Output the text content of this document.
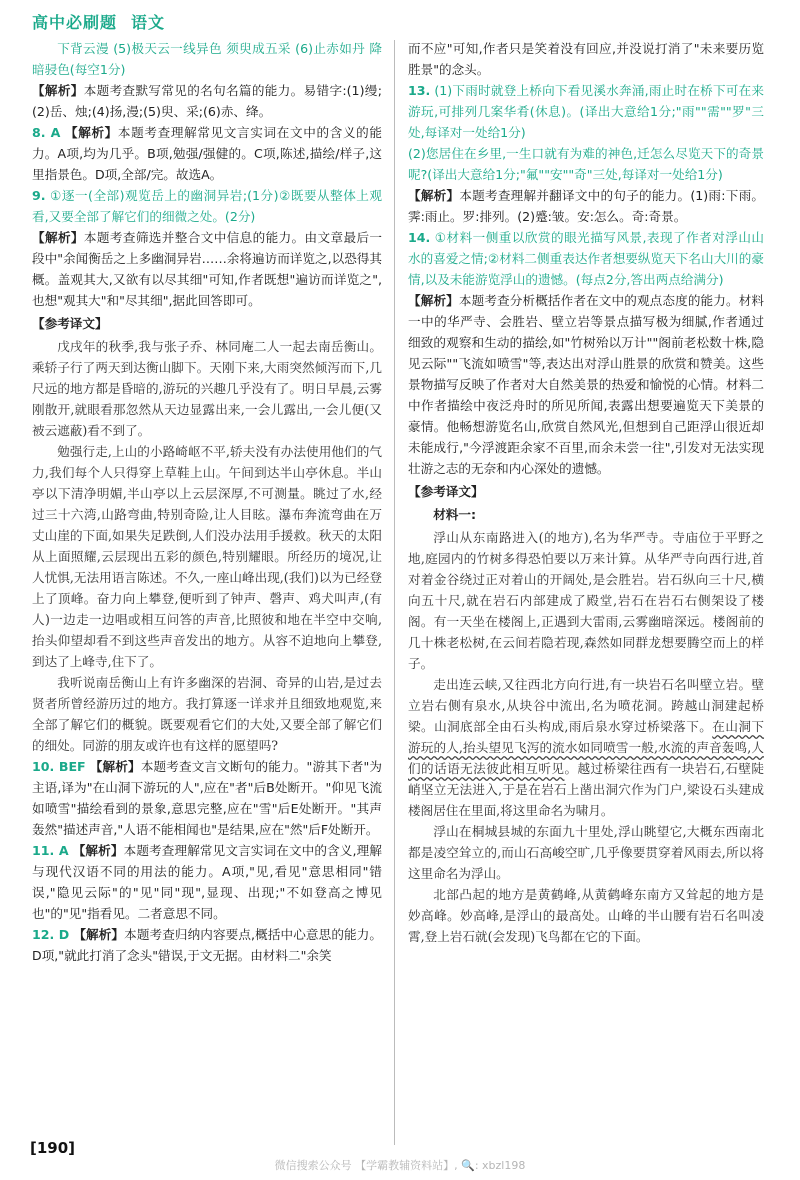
高中必刷题 语文

下背云漫 (5)极天云一线异色 须臾成五采 (6)止赤如丹 降暗骎色(每空1分)

【解析】本题考查默写常见的名句名篇的能力。易错字:(1)缦;(2)岳、烛;(4)扬,漫;(5)臾、采;(6)赤、绛。

8. A 【解析】本题考查理解常见文言实词在文中的含义的能力。A项,均为几乎。B项,勉强/强健的。C项,陈述,描绘/样子,这里指景色。D项,全部/完。故选A。

9. ①逐一(全部)观览岳上的幽洞异岩;(1分)②既要从整体上观看,又要全部了解它们的细微之处。(2分)

【解析】本题考查筛选并整合文中信息的能力。由文章最后一段中"余闻衡岳之上多幽洞异岩……余将遍访而详览之,以恐得其概。盖观其大,又欲有以尽其细"可知,作者既想"遍访而详览之",也想"观其大"和"尽其细",据此回答即可。

【参考译文】

戊戌年的秋季,我与张子乔、林同庵二人一起去南岳衡山。乘轿子行了两天到达衡山脚下。天刚下来,大雨突然倾泻而下,几尺远的地方都是昏暗的,游玩的兴趣几乎没有了。明日早晨,云雾刚散开,就眼看那忽然从天边显露出来,一会儿露出,一会儿便(又被云遮蔽)看不到了。

勉强行走,上山的小路崎岖不平,轿夫没有办法使用他们的气力,我们每个人只得穿上草鞋上山。午间到达半山亭休息。半山亭以下清净明媚,半山亭以上云层深厚,不可测量。眺过了水,经过三十六湾,山路弯曲,特别奇险,让人目眩。瀑布奔流弯曲在万丈山崖的下面,如果失足跌倒,人们没办法用手援救。秋天的太阳从上面照耀,云层现出五彩的颜色,特别耀眼。所经历的境况,让人忧惧,无法用语言陈述。不久,一座山峰出现,(我们)以为已经登上了顶峰。奋力向上攀登,便听到了钟声、磬声、鸡犬叫声,(有人)一边走一边唱或相互问答的声音,比照彼和地在半空中交响,抬头仰望却看不到这些声音发出的地方。从容不迫地向上攀登,到达了上峰寺,住下了。

我听说南岳衡山上有许多幽深的岩洞、奇异的山岩,是过去贤者所曾经游历过的地方。我打算逐一详求并且细致地观览,来全部了解它们的概貌。既要观看它们的大处,又要全部了解它们的细处。同游的朋友或许也有这样的愿望吗?

10. BEF 【解析】本题考查文言文断句的能力。"游其下者"为主语,译为"在山洞下游玩的人",应在"者"后B处断开。"仰见飞流如喷雪"描绘看到的景象,意思完整,应在"雪"后E处断开。"其声轰然"描述声音,"人语不能相闻也"是结果,应在"然"后F处断开。

11. A 【解析】本题考查理解常见文言实词在文中的含义,理解与现代汉语不同的用法的能力。A项,"见,看见"意思相同"错误,"隐见云际"的"见"同"现",显现、出现;"不如登高之博见也"的"见"指看见。二者意思不同。

12. D 【解析】本题考查归纳内容要点,概括中心意思的能力。D项,"就此打消了念头"错误,于文无据。由材料二"余笑

而不应"可知,作者只是笑着没有回应,并没说打消了"未来要历览胜景"的念头。

13. (1)下雨时就登上桥向下看见溪水奔涌,雨止时在桥下可在来游玩,可排列几案华肴(休息)。(译出大意给1分;"雨""需""罗"三处,每译对一处给1分)

(2)您居住在乡里,一生口就有为难的神色,迁怎么尽览天下的奇景呢?(译出大意给1分;"氟""安""奇"三处,每译对一处给1分)

【解析】本题考查理解并翻译文中的句子的能力。(1)雨:下雨。霁:雨止。罗:排列。(2)蹙:皱。安:怎么。奇:奇景。

14. ①材料一侧重以欣赏的眼光描写风景,表现了作者对浮山山水的喜爱之情;②材料二侧重表达作者想要纵览天下名山大川的豪情,以及未能游览浮山的遗憾。(每点2分,答出两点给满分)

【解析】本题考查分析概括作者在文中的观点态度的能力。材料一中的华严寺、会胜岩、壁立岩等景点描写极为细腻,作者通过细致的观察和生动的描绘,如"竹树殆以万计""阁前老松数十株,隐见云际""飞流如喷雪"等,表达出对浮山胜景的欣赏和赞美。这些景物描写反映了作者对大自然美景的热爱和愉悦的心情。材料二中作者描绘中夜泛舟时的所见所闻,表露出想要遍览天下美景的豪情。他畅想游览名山,欣赏自然风光,但想到自己距浮山很近却未能成行,"今浮渡距余家不百里,而余未尝一往",引发对无法实现壮游之志的无奈和内心深处的遗憾。

【参考译文】

材料一:

浮山从东南路进入(的地方),名为华严寺。寺庙位于平野之地,庭园内的竹树多得恐怕要以万来计算。从华严寺向西行进,首对着金谷绕过正对着山的开阔处,是会胜岩。岩石纵向三十尺,横向五十尺,就在岩石内部建成了殿堂,岩石在岩石右侧架设了楼阁。有一天坐在楼阁上,正遇到大雷雨,云雾幽暗深远。楼阁前的几十株老松树,在云间若隐若现,森然如同群龙想要腾空而上的样子。

走出连云峡,又往西北方向行进,有一块岩石名叫壁立岩。壁立岩右侧有泉水,从块谷中流出,名为喷花洞。跨越山洞建起桥梁。山洞底部全由石头构成,雨后泉水穿过桥梁落下。在山洞下游玩的人,抬头望见飞泻的流水如同喷雪一般,水流的声音轰鸣,人们的话语无法彼此相互听见。越过桥梁往西有一块岩石,石壁陡峭坚立无法进入,于是在岩石上凿出洞穴作为门户,梁设石头建成楼阁居住在里面,将这里命名为啸月。

浮山在桐城县城的东面九十里处,浮山眺望它,大概东西南北都是凌空耸立的,而山石高峻空旷,几乎像要贯穿着风雨去,所以将这里命名为浮山。

北部凸起的地方是黄鹤峰,从黄鹤峰东南方又耸起的地方是妙高峰。妙高峰,是浮山的最高处。山峰的半山腰有岩石名叫凌霄,登上岩石就(会发现)飞鸟都在它的下面。

[ 190 ]
微信搜索公众号 【学霸教辅资料站】, 🔍: xbzl198
